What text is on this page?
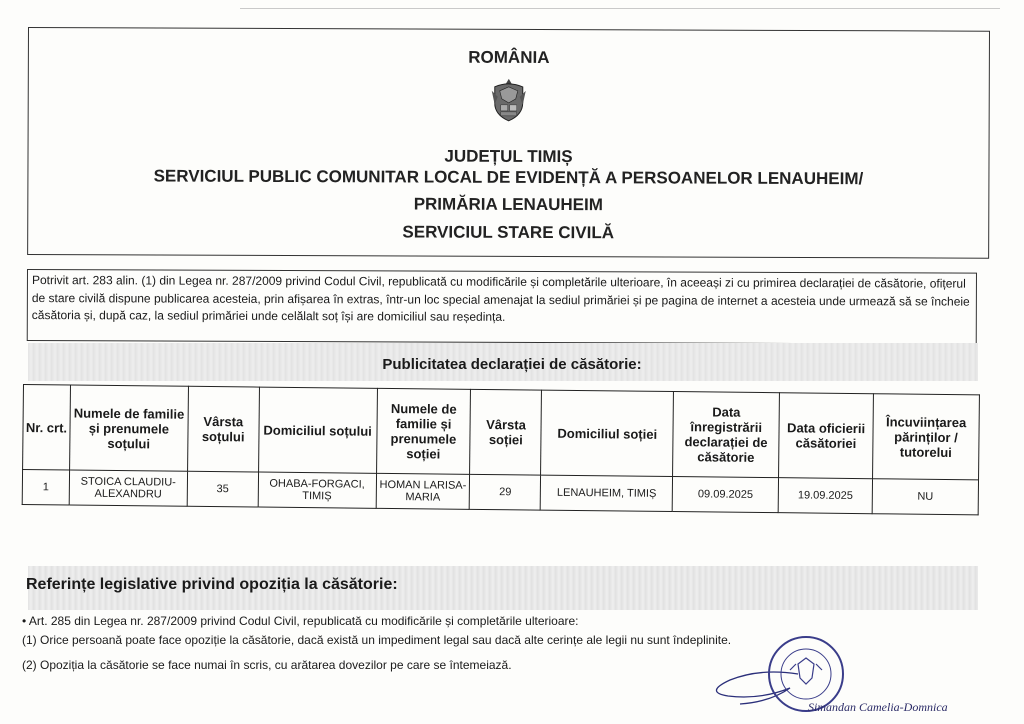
ROMÂNIA
JUDEȚUL TIMIȘ
SERVICIUL PUBLIC COMUNITAR LOCAL DE EVIDENȚĂ A PERSOANELOR LENAUHEIM/
PRIMĂRIA LENAUHEIM
SERVICIUL STARE CIVILĂ
Potrivit art. 283 alin. (1) din Legea nr. 287/2009 privind Codul Civil, republicată cu modificările și completările ulterioare, în aceeași zi cu primirea declarației de căsătorie, ofițerul de stare civilă dispune publicarea acesteia, prin afișarea în extras, într-un loc special amenajat la sediul primăriei și pe pagina de internet a acesteia unde urmează să se încheie căsătoria și, după caz, la sediul primăriei unde celălalt soț își are domiciliul sau reședința.
Publicitatea declarației de căsătorie:
Nr. crt.	Numele de familie și prenumele soțului	Vârsta soțului	Domiciliul soțului	Numele de familie și prenumele soției	Vârsta soției	Domiciliul soției	Data înregistrării declarației de căsătorie	Data oficierii căsătoriei	Încuviințarea părinților / tutorelui
1	STOICA CLAUDIU-ALEXANDRU	35	OHABA-FORGACI, TIMIȘ	HOMAN LARISA-MARIA	29	LENAUHEIM, TIMIȘ	09.09.2025	19.09.2025	NU
Referințe legislative privind opoziția la căsătorie:
• Art. 285 din Legea nr. 287/2009 privind Codul Civil, republicată cu modificările și completările ulterioare:
(1) Orice persoană poate face opoziție la căsătorie, dacă există un impediment legal sau dacă alte cerințe ale legii nu sunt îndeplinite.
(2) Opoziția la căsătorie se face numai în scris, cu arătarea dovezilor pe care se întemeiază.
Simandan Camelia-Domnica
